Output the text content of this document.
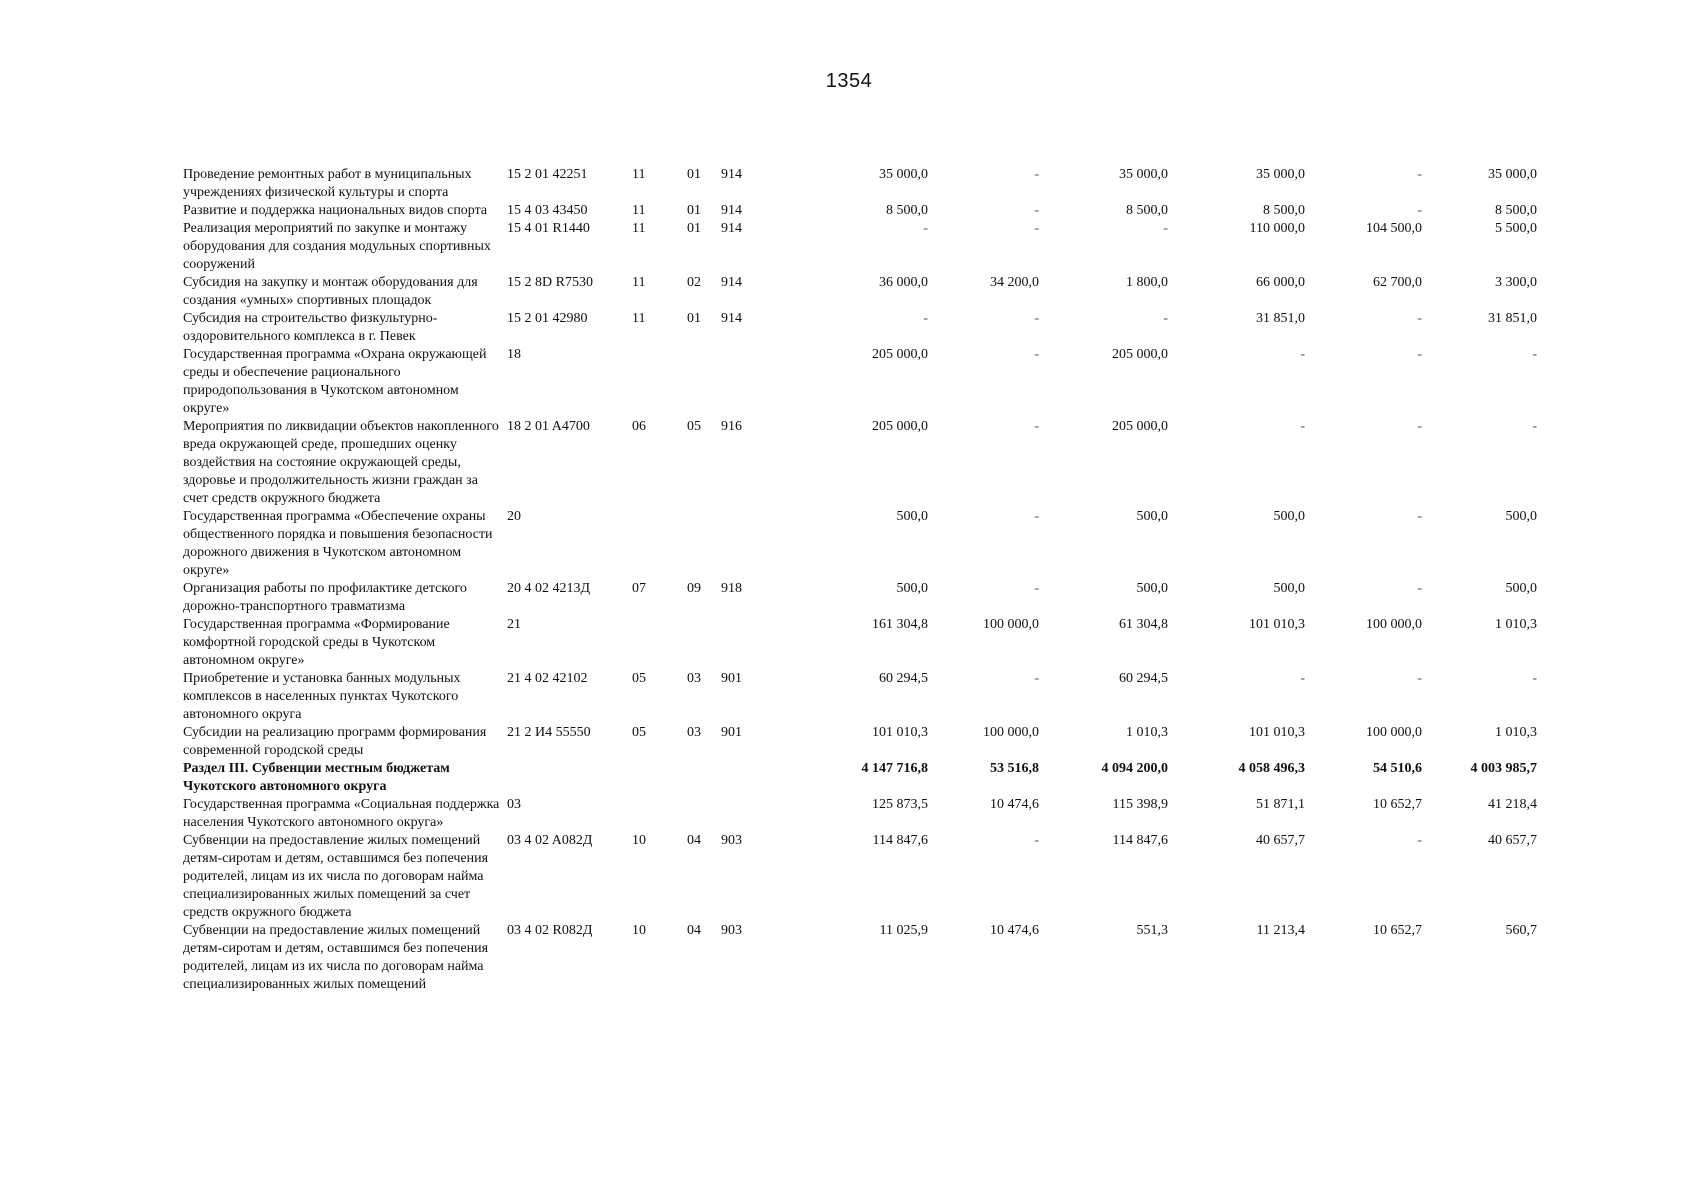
1354
Проведение ремонтных работ в муниципальных учреждениях физической культуры и спорта	15 2 01 42251	11	01	914	35 000,0	-	35 000,0	35 000,0	-	35 000,0
Развитие и поддержка национальных видов спорта	15 4 03 43450	11	01	914	8 500,0	-	8 500,0	8 500,0	-	8 500,0
Реализация мероприятий по закупке и монтажу оборудования для создания модульных спортивных сооружений	15 4 01 R1440	11	01	914	-	-	-	110 000,0	104 500,0	5 500,0
Субсидия на закупку и монтаж оборудования для создания «умных» спортивных площадок	15 2 8D R7530	11	02	914	36 000,0	34 200,0	1 800,0	66 000,0	62 700,0	3 300,0
Субсидия на строительство физкультурно-оздоровительного комплекса в г. Певек	15 2 01 42980	11	01	914	-	-	-	31 851,0	-	31 851,0
Государственная программа «Охрана окружающей среды и обеспечение рационального природопользования в Чукотском автономном округе»	18				205 000,0	-	205 000,0	-	-	-
Мероприятия по ликвидации объектов накопленного вреда окружающей среде, прошедших оценку воздействия на состояние окружающей среды, здоровье и продолжительность жизни граждан за счет средств окружного бюджета	18 2 01 A4700	06	05	916	205 000,0	-	205 000,0	-	-	-
Государственная программа «Обеспечение охраны общественного порядка и повышения безопасности дорожного движения в Чукотском автономном округе»	20				500,0	-	500,0	500,0	-	500,0
Организация работы по профилактике детского дорожно-транспортного травматизма	20 4 02 4213Д	07	09	918	500,0	-	500,0	500,0	-	500,0
Государственная программа «Формирование комфортной городской среды в Чукотском автономном округе»	21				161 304,8	100 000,0	61 304,8	101 010,3	100 000,0	1 010,3
Приобретение и установка банных модульных комплексов в населенных пунктах Чукотского автономного округа	21 4 02 42102	05	03	901	60 294,5	-	60 294,5	-	-	-
Субсидии на реализацию программ формирования современной городской среды	21 2 И4 55550	05	03	901	101 010,3	100 000,0	1 010,3	101 010,3	100 000,0	1 010,3
Раздел III. Субвенции местным бюджетам Чукотского автономного округа					4 147 716,8	53 516,8	4 094 200,0	4 058 496,3	54 510,6	4 003 985,7
Государственная программа «Социальная поддержка населения Чукотского автономного округа»	03				125 873,5	10 474,6	115 398,9	51 871,1	10 652,7	41 218,4
Субвенции на предоставление жилых помещений детям-сиротам и детям, оставшимся без попечения родителей, лицам из их числа по договорам найма специализированных жилых помещений за счет средств окружного бюджета	03 4 02 A082Д	10	04	903	114 847,6	-	114 847,6	40 657,7	-	40 657,7
Субвенции на предоставление жилых помещений детям-сиротам и детям, оставшимся без попечения родителей, лицам из их числа по договорам найма специализированных жилых помещений	03 4 02 R082Д	10	04	903	11 025,9	10 474,6	551,3	11 213,4	10 652,7	560,7
